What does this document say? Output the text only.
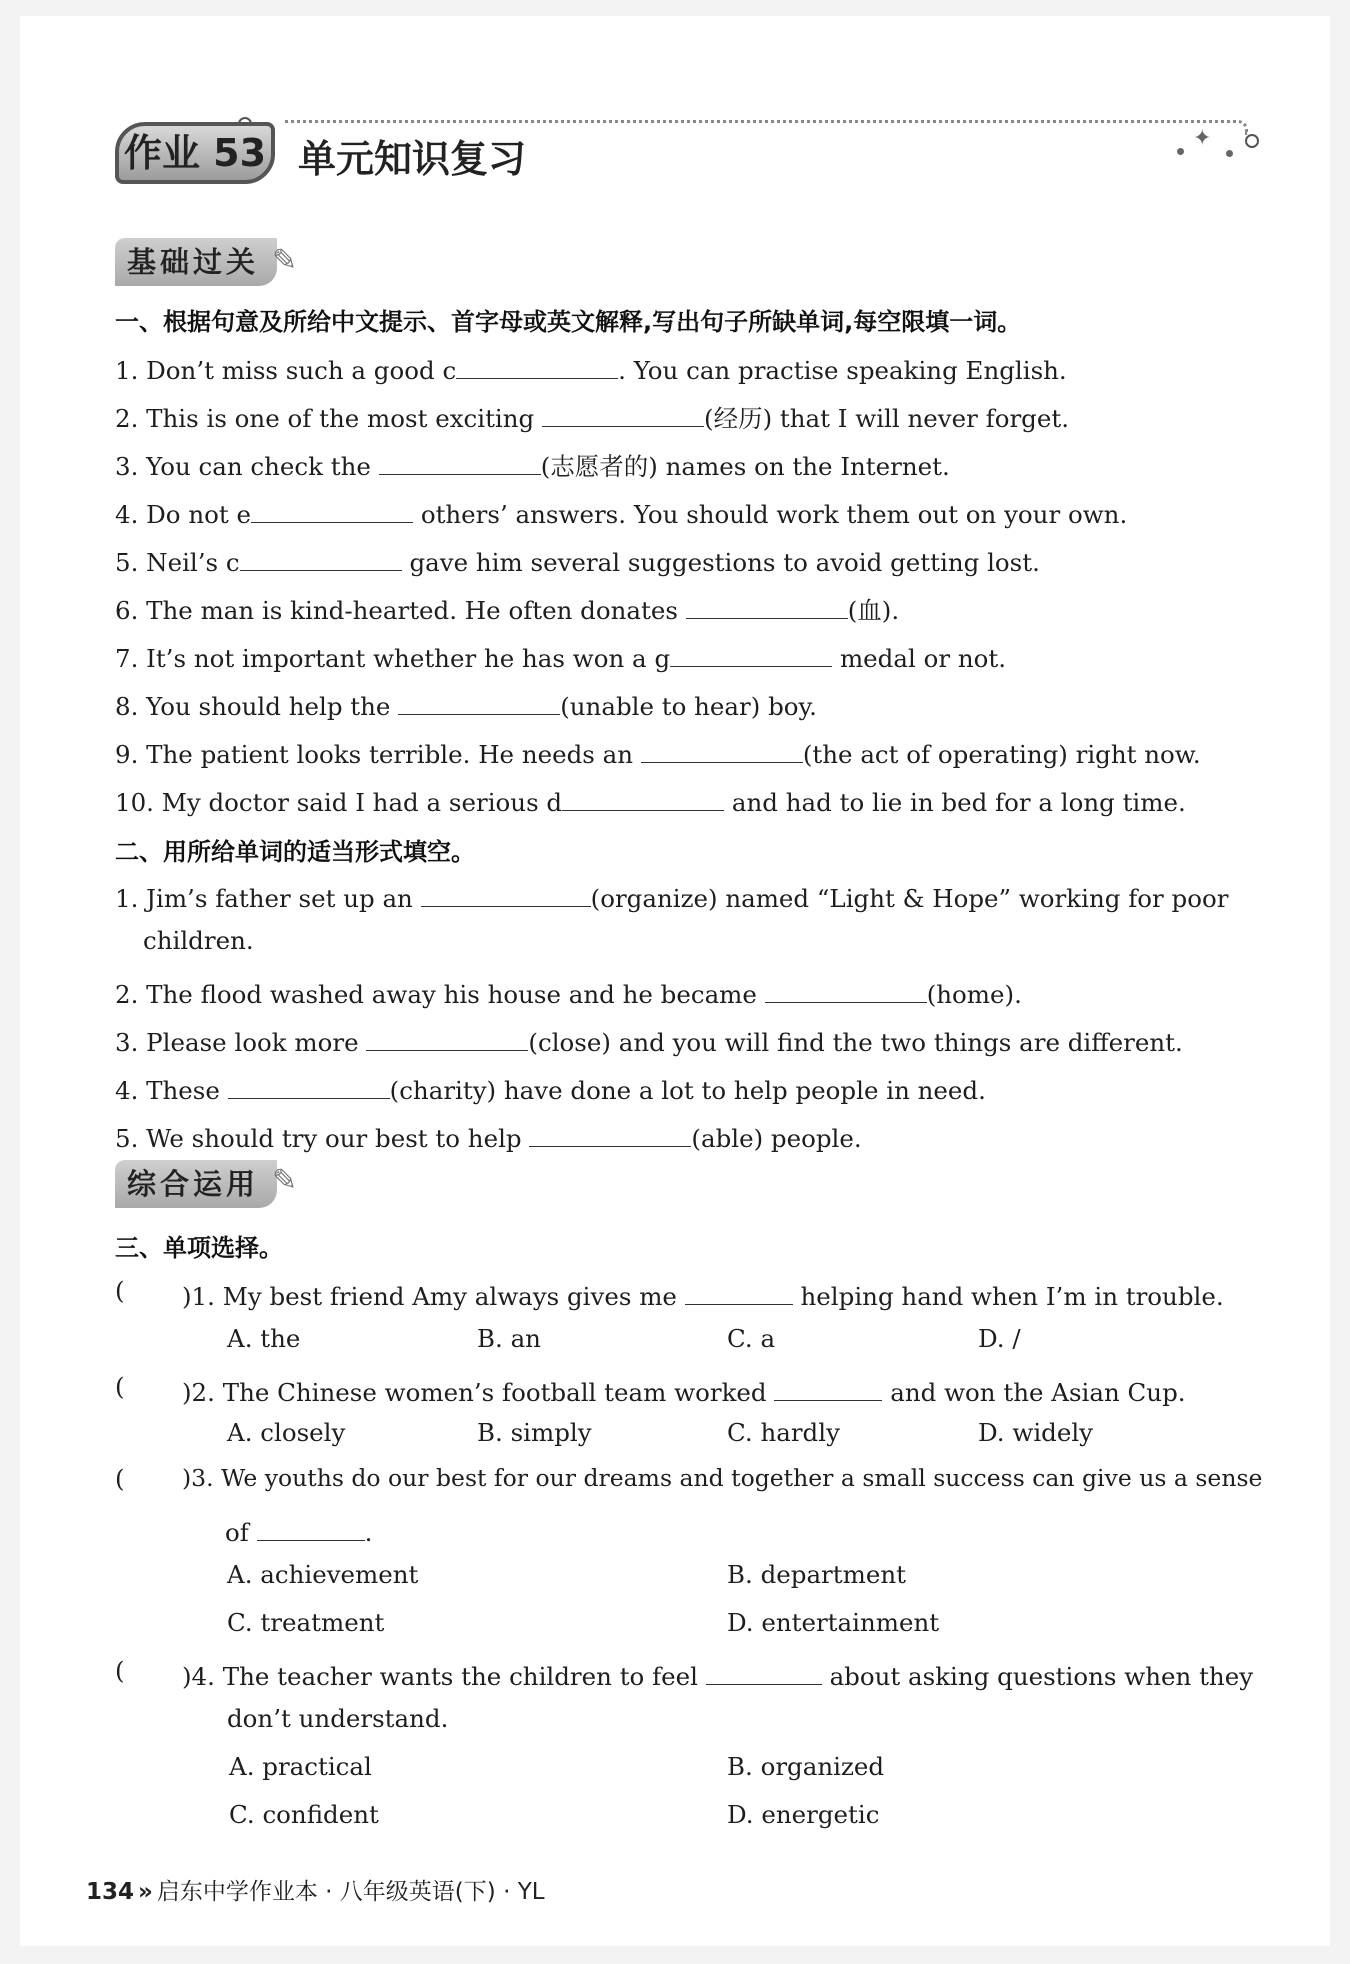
✦
作业 53 单元知识复习
基础过关 ✎
一、根据句意及所给中文提示、首字母或英文解释,写出句子所缺单词,每空限填一词。
1. Don’t miss such a good c	. You can practise speaking English.
2. This is one of the most exciting	(经历) that I will never forget.
3. You can check the	(志愿者的) names on the Internet.
4. Do not e	others’ answers. You should work them out on your own.
5. Neil’s c	gave him several suggestions to avoid getting lost.
6. The man is kind-hearted. He often donates	(血).
7. It’s not important whether he has won a g	medal or not.
8. You should help the	(unable to hear) boy.
9. The patient looks terrible. He needs an	(the act of operating) right now.
10. My doctor said I had a serious d	and had to lie in bed for a long time.
二、用所给单词的适当形式填空。
1. Jim’s father set up an	(organize) named “Light & Hope” working for poor
children.
2. The flood washed away his house and he became	(home).
3. Please look more	(close) and you will find the two things are different.
4. These	(charity) have done a lot to help people in need.
5. We should try our best to help	(able) people.
综合运用 ✎
三、单项选择。
( )1. My best friend Amy always gives me	helping hand when I’m in trouble.
A. the	B. an	C. a	D. /
( )2. The Chinese women’s football team worked	and won the Asian Cup.
A. closely	B. simply	C. hardly	D. widely
( )3. We youths do our best for our dreams and together a small success can give us a sense
of	.
A. achievement	B. department
C. treatment	D. entertainment
( )4. The teacher wants the children to feel	about asking questions when they
don’t understand.
A. practical	B. organized
C. confident	D. energetic
134 » 启东中学作业本 · 八年级英语(下) · YL
